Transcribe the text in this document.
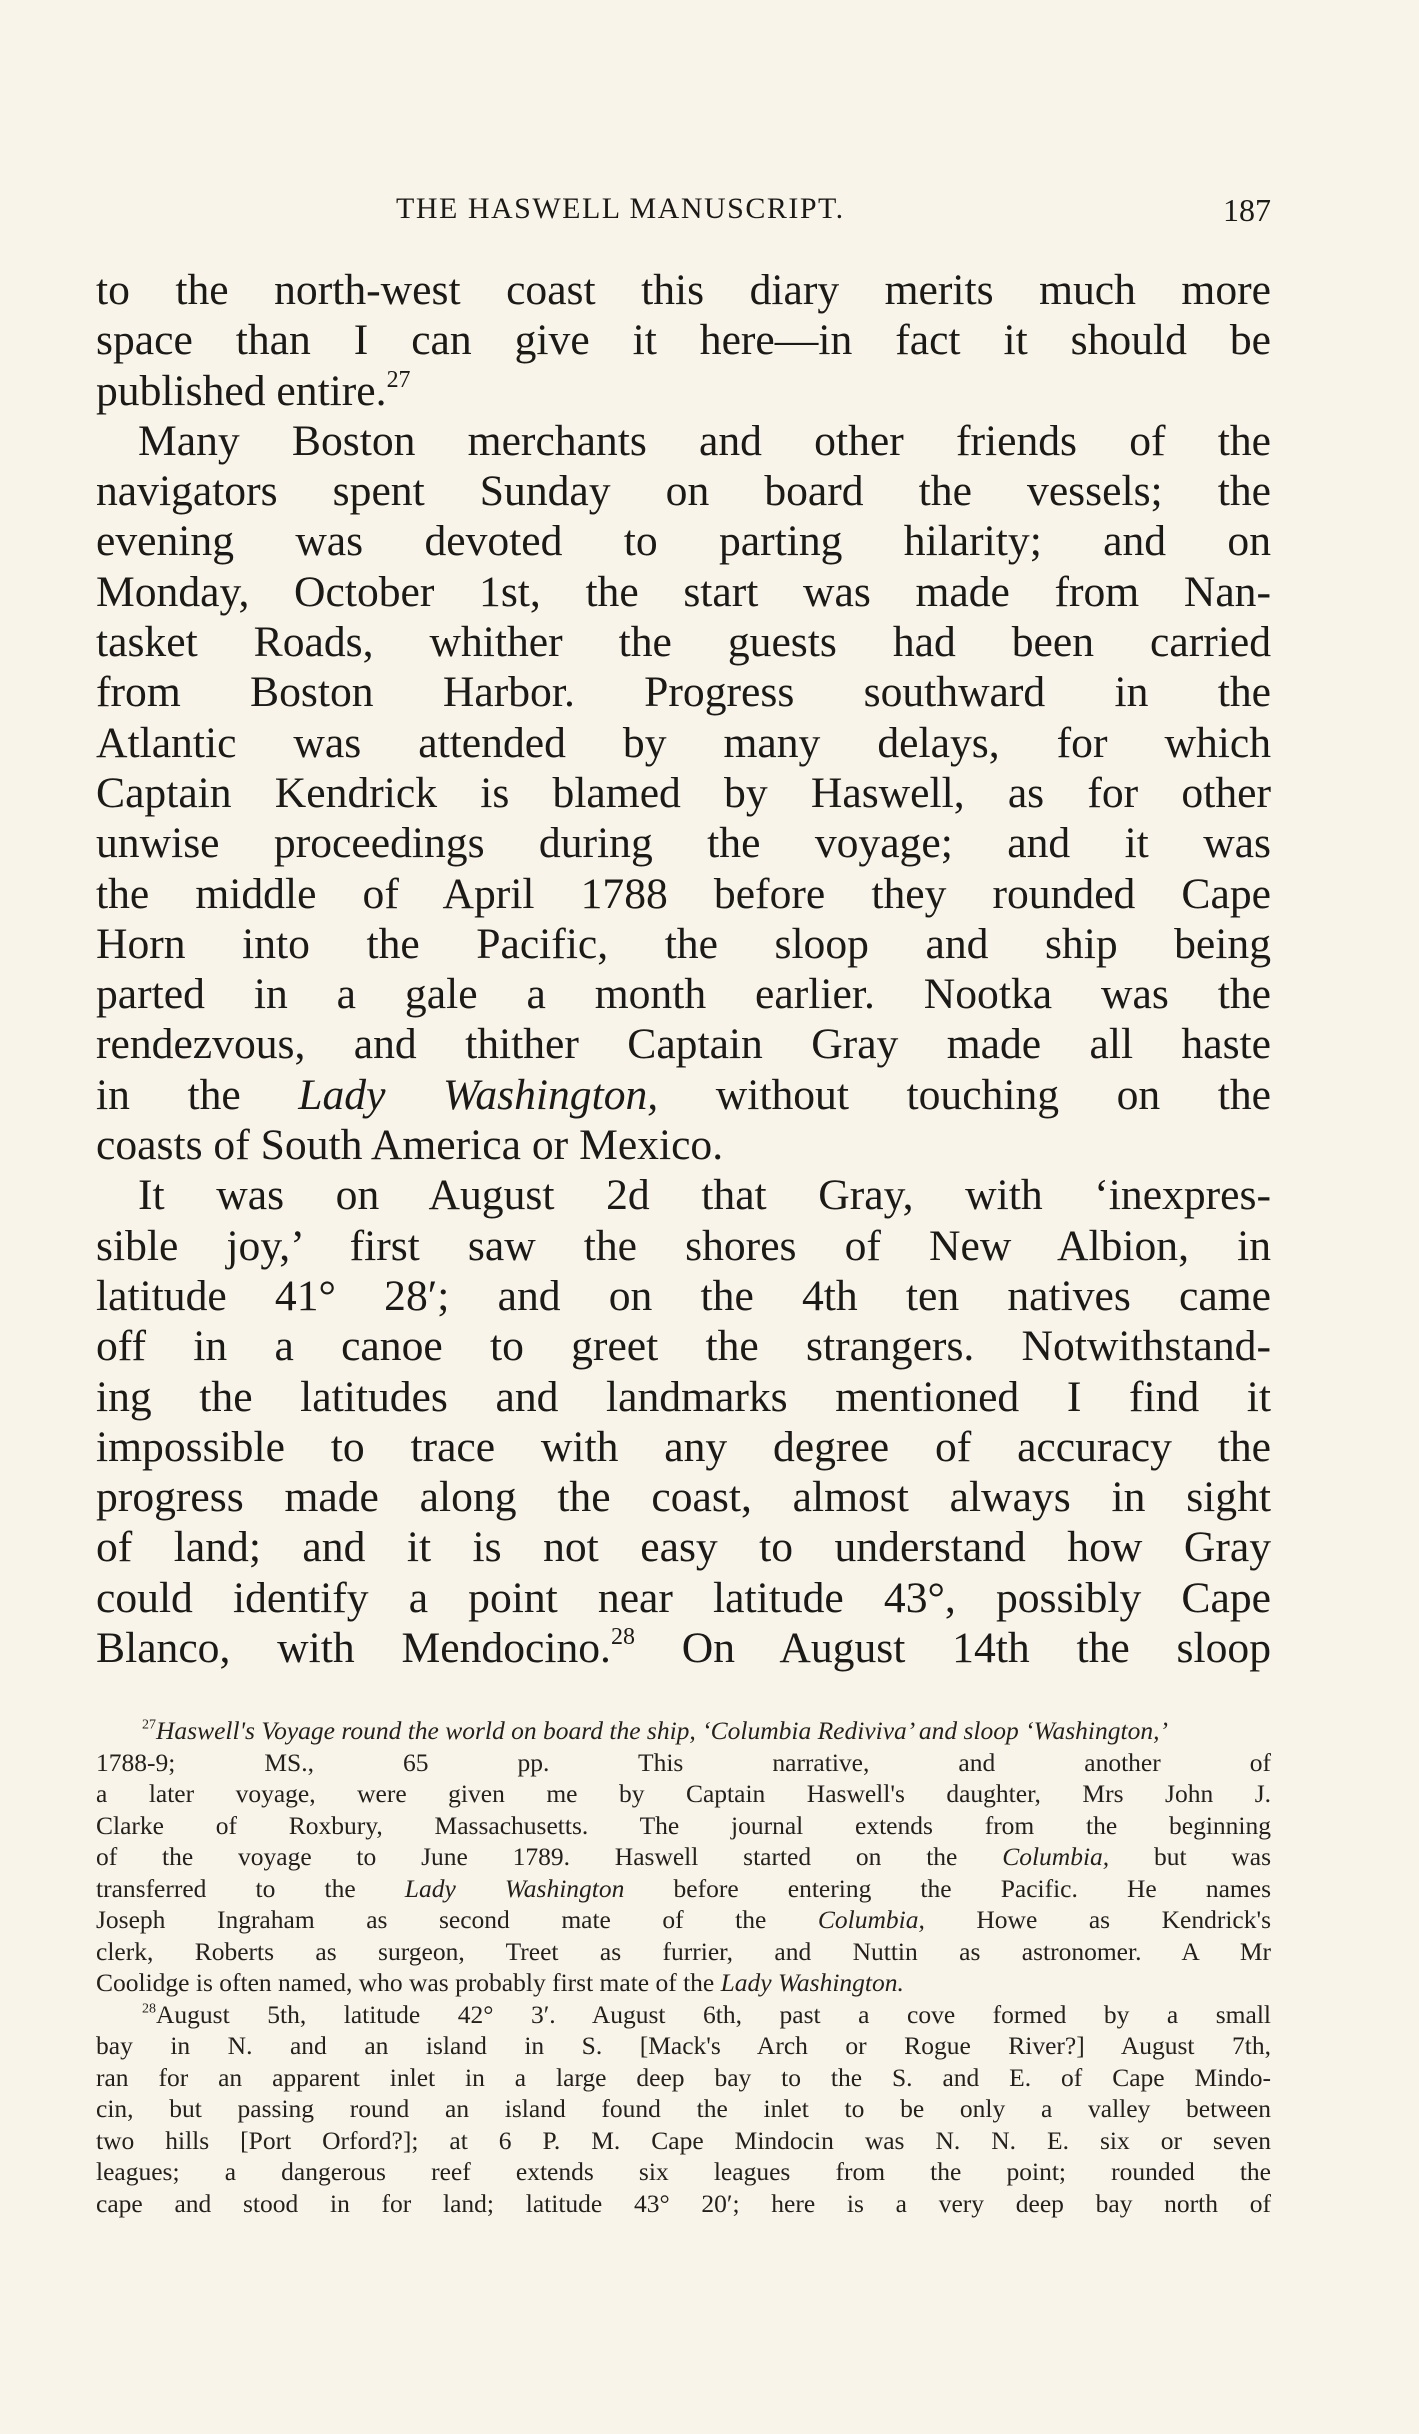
THE HASWELL MANUSCRIPT.	187
to the north-west coast this diary merits much more
space than I can give it here—in fact it should be
published entire.$^{27}$
Many Boston merchants and other friends of the
navigators spent Sunday on board the vessels; the
evening was devoted to parting hilarity; and on
Monday, October 1st, the start was made from Nan-
tasket Roads, whither the guests had been carried
from Boston Harbor. Progress southward in the
Atlantic was attended by many delays, for which
Captain Kendrick is blamed by Haswell, as for other
unwise proceedings during the voyage; and it was
the middle of April 1788 before they rounded Cape
Horn into the Pacific, the sloop and ship being
parted in a gale a month earlier. Nootka was the
rendezvous, and thither Captain Gray made all haste
in the Lady Washington, without touching on the
coasts of South America or Mexico.
It was on August 2d that Gray, with ‘inexpres-
sible joy,’ first saw the shores of New Albion, in
latitude 41° 28′; and on the 4th ten natives came
off in a canoe to greet the strangers. Notwithstand-
ing the latitudes and landmarks mentioned I find it
impossible to trace with any degree of accuracy the
progress made along the coast, almost always in sight
of land; and it is not easy to understand how Gray
could identify a point near latitude 43°, possibly Cape
Blanco, with Mendocino.$^{28}$ On August 14th the sloop
$^{27}$Haswell's Voyage round the world on board the ship, ‘Columbia Rediviva’ and sloop ‘Washington,’
1788-9; MS., 65 pp. This narrative, and another of
a later voyage, were given me by Captain Haswell's daughter, Mrs John J.
Clarke of Roxbury, Massachusetts. The journal extends from the beginning
of the voyage to June 1789. Haswell started on the Columbia, but was
transferred to the Lady Washington before entering the Pacific. He names
Joseph Ingraham as second mate of the Columbia, Howe as Kendrick's
clerk, Roberts as surgeon, Treet as furrier, and Nuttin as astronomer. A Mr
Coolidge is often named, who was probably first mate of the Lady Washington.
$^{28}$August 5th, latitude 42° 3′. August 6th, past a cove formed by a small
bay in N. and an island in S. [Mack's Arch or Rogue River?] August 7th,
ran for an apparent inlet in a large deep bay to the S. and E. of Cape Mindo-
cin, but passing round an island found the inlet to be only a valley between
two hills [Port Orford?]; at 6 P. M. Cape Mindocin was N. N. E. six or seven
leagues; a dangerous reef extends six leagues from the point; rounded the
cape and stood in for land; latitude 43° 20′; here is a very deep bay north of
